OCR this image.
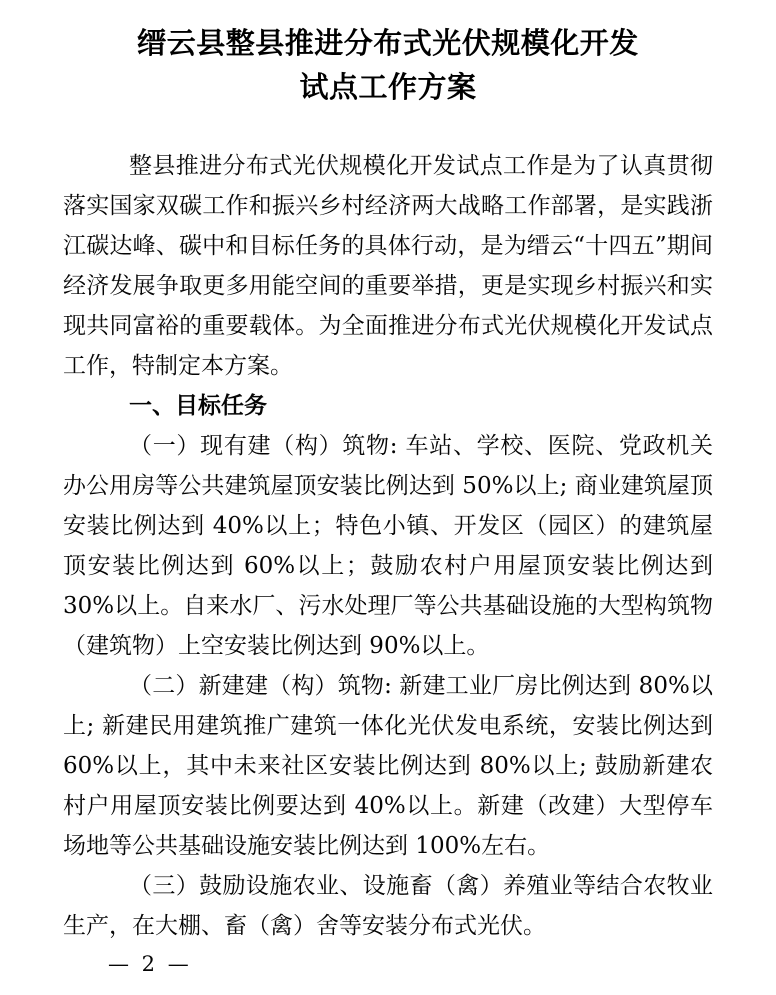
缙云县整县推进分布式光伏规模化开发
试点工作方案

整县推进分布式光伏规模化开发试点工作是为了认真贯彻落实国家双碳工作和振兴乡村经济两大战略工作部署，是实践浙江碳达峰、碳中和目标任务的具体行动，是为缙云“十四五”期间经济发展争取更多用能空间的重要举措，更是实现乡村振兴和实现共同富裕的重要载体。为全面推进分布式光伏规模化开发试点工作，特制定本方案。

一、目标任务

（一）现有建（构）筑物: 车站、学校、医院、党政机关办公用房等公共建筑屋顶安装比例达到 50%以上; 商业建筑屋顶安装比例达到 40%以上；特色小镇、开发区（园区）的建筑屋顶安装比例达到 60%以上；鼓励农村户用屋顶安装比例达到 30%以上。自来水厂、污水处理厂等公共基础设施的大型构筑物（建筑物）上空安装比例达到 90%以上。

（二）新建建（构）筑物: 新建工业厂房比例达到 80%以上; 新建民用建筑推广建筑一体化光伏发电系统，安装比例达到 60%以上，其中未来社区安装比例达到 80%以上; 鼓励新建农村户用屋顶安装比例要达到 40%以上。新建（改建）大型停车场地等公共基础设施安装比例达到 100%左右。

（三）鼓励设施农业、设施畜（禽）养殖业等结合农牧业生产，在大棚、畜（禽）舍等安装分布式光伏。

— 2 —
